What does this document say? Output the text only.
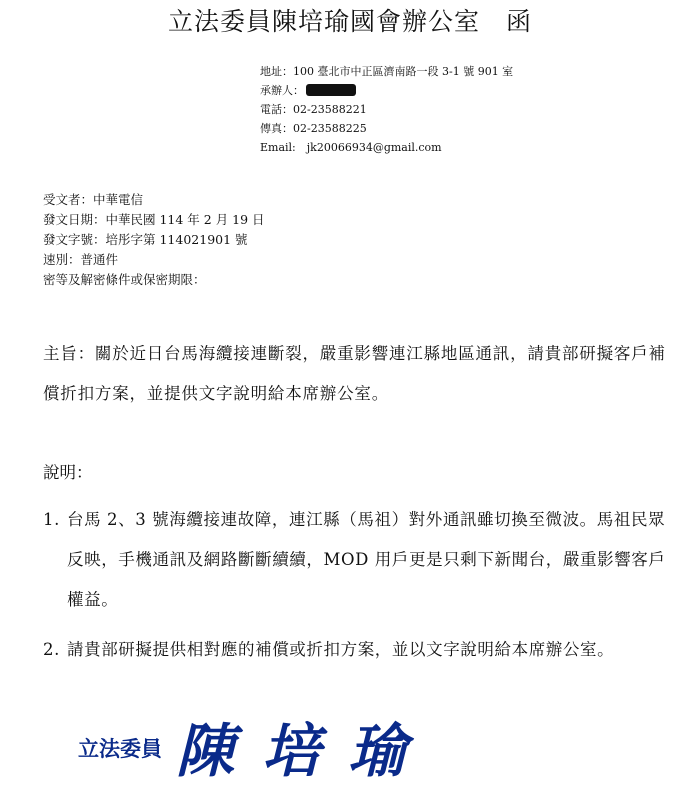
立法委員陳培瑜國會辦公室　函
地址：100 臺北市中正區濟南路一段 3-1 號 901 室
承辦人：
電話：02-23588221
傳真：02-23588225
Email:　jk20066934@gmail.com
受文者：中華電信
發文日期：中華民國 114 年 2 月 19 日
發文字號：培彤字第 114021901 號
速別：普通件
密等及解密條件或保密期限：
主旨：關於近日台馬海纜接連斷裂，嚴重影響連江縣地區通訊，請貴部研擬客戶補償折扣方案，並提供文字說明給本席辦公室。
說明：
1. 台馬 2、3 號海纜接連故障，連江縣（馬祖）對外通訊雖切換至微波。馬祖民眾反映，手機通訊及網路斷斷續續，MOD 用戶更是只剩下新聞台，嚴重影響客戶權益。
2. 請貴部研擬提供相對應的補償或折扣方案，並以文字說明給本席辦公室。
立法委員 陳培瑜
